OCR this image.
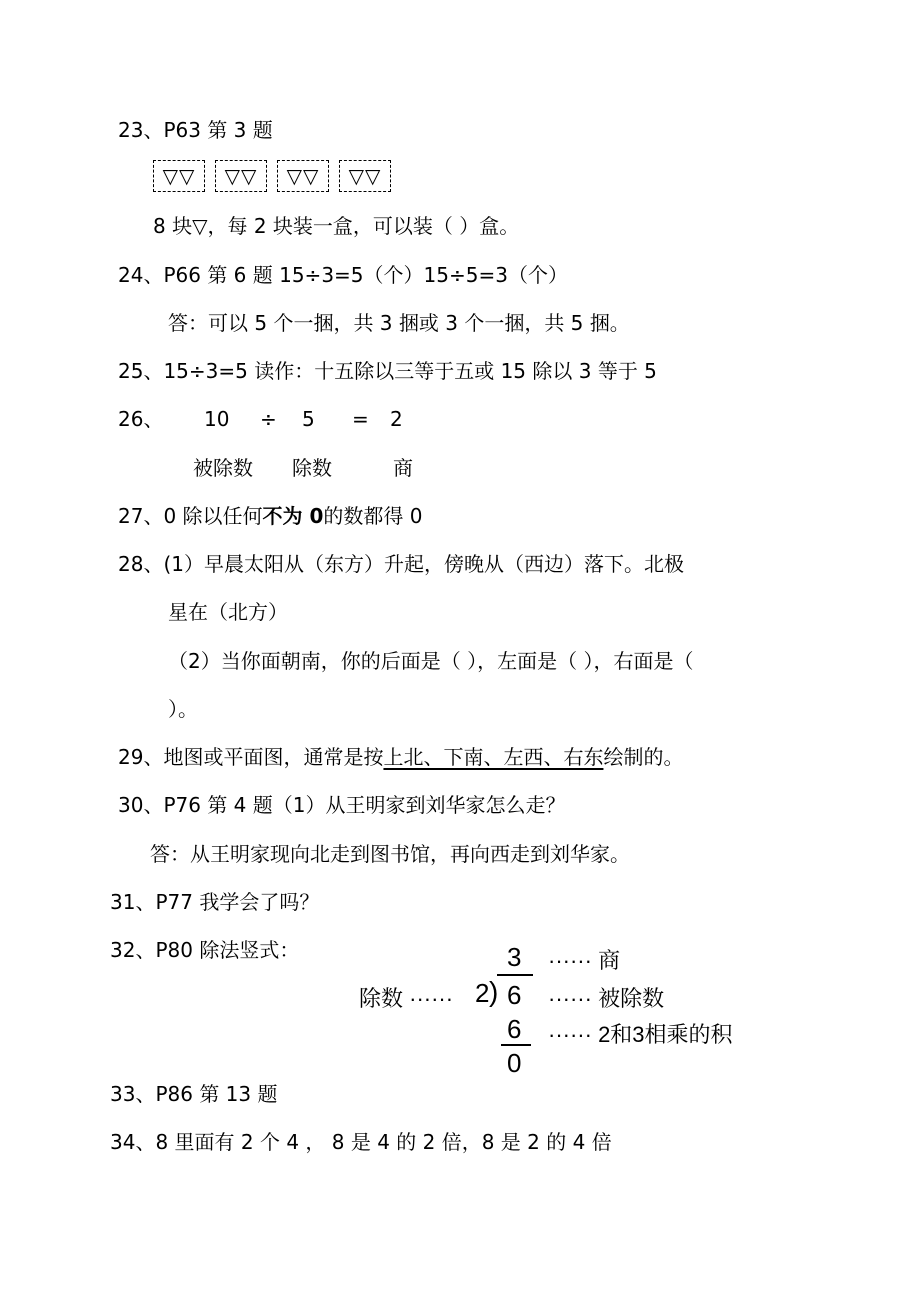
23、P63 第 3 题
▽▽	▽▽	▽▽	▽▽
8 块▽，每 2 块装一盒，可以装（ ）盒。
24、P66 第 6 题 15÷3=5（个）15÷5=3（个）
答：可以 5 个一捆，共 3 捆或 3 个一捆，共 5 捆。
25、15÷3=5 读作：十五除以三等于五或 15 除以 3 等于 5
26、 10 ÷ 5 = 2
被除数 除数	商
27、0 除以任何不为 0的数都得 0
28、(1）早晨太阳从（东方）升起，傍晚从（西边）落下。北极
星在（北方）
（2）当你面朝南，你的后面是（ ），左面是（ ），右面是（
）。
29、地图或平面图，通常是按上北、下南、左西、右东绘制的。
30、P76 第 4 题（1）从王明家到刘华家怎么走？
答：从王明家现向北走到图书馆，再向西走到刘华家。
31、P77 我学会了吗？
32、P80 除法竖式：
除数 ······
3
2 ) 6
6
0
······ 商
······ 被除数
······ 2和3相乘的积
33、P86 第 13 题
34、8 里面有 2 个 4 ， 8 是 4 的 2 倍，8 是 2 的 4 倍
